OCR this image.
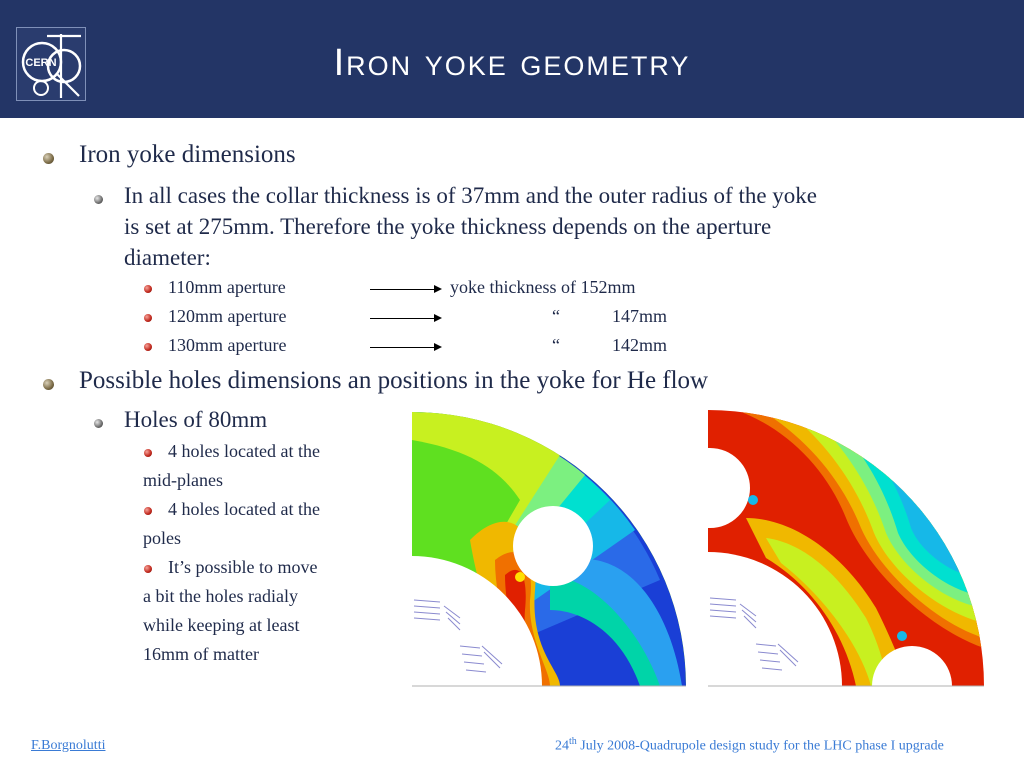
CERN	Iron yoke geometry
Iron yoke dimensions
In all cases the collar thickness is of 37mm and the outer radius of the yoke
is set at 275mm. Therefore the yoke thickness depends on the aperture
diameter:
110mm aperture	yoke thickness of 152mm
120mm aperture	“	147mm
130mm aperture	“	142mm
Possible holes dimensions an positions in the yoke for He flow
Holes of 80mm
4 holes located at the
mid-planes
4 holes located at the
poles
It’s possible to move
a bit the holes radialy
while keeping at least
16mm of matter
F.Borgnolutti	24th July 2008-Quadrupole design study for the LHC phase I upgrade
